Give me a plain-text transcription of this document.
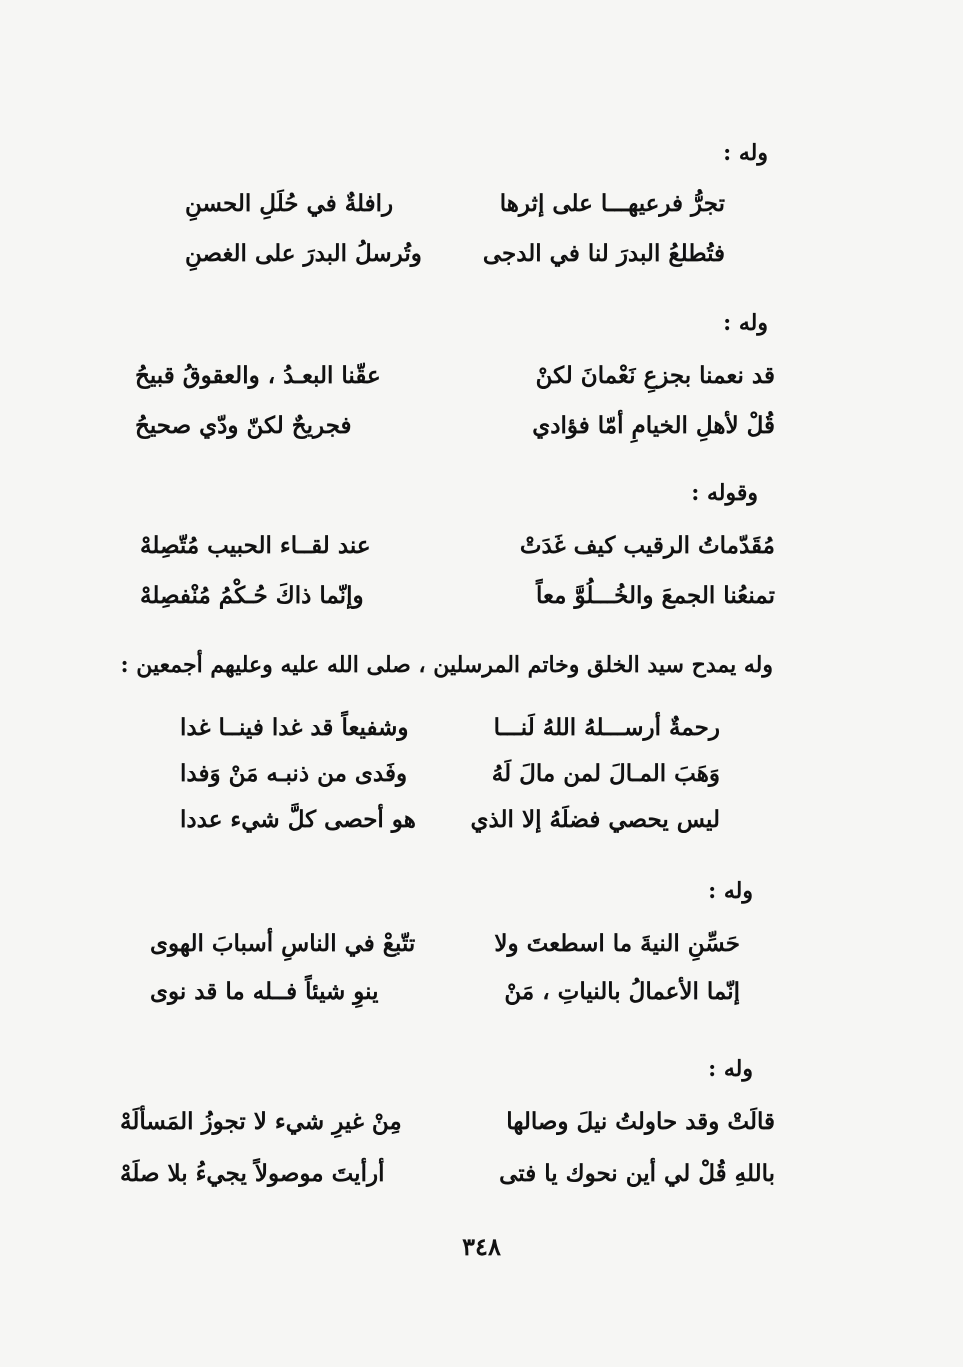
وله :
تجرُّ فرعيهـــا على إثرها
رافلةٌ في حُلَلِ الحسنِ
فتُطلعُ البدرَ لنا في الدجى
وتُرسلُ البدرَ على الغصنِ
وله :
قد نعمنا بجزعِ نَعْمانَ لكنْ
عقّنا البعـدُ ، والعقوقُ قبيحُ
قُلْ لأهلِ الخيامِ أمّا فؤادي
فجريحٌ لكنّ ودّي صحيحُ
وقوله :
مُقَدّماتُ الرقيب كيف غَدَتْ
عند لقــاء الحبيب مُتّصِلهْ
تمنعُنا الجمعَ والخُـــلُوَّ معاً
وإنّما ذاكَ حُـكْمُ مُنْفصِلهْ
وله يمدح سيد الخلق وخاتم المرسلين ، صلى الله عليه وعليهم أجمعين :
رحمةٌ أرســـلهُ اللهُ لَنـــا
وشفيعاً قد غدا فينــا غدا
وَهَبَ المـالَ لمن مالَ لَهُ
وفَدى من ذنبـه مَنْ وَفدا
ليس يحصي فضلَهُ إلا الذي
هو أحصى كلَّ شيء عددا
وله :
حَسِّنِ النيةَ ما اسطعتَ ولا
تتّبعْ في الناسِ أسبابَ الهوى
إنّما الأعمالُ بالنياتِ ، مَنْ
ينوِ شيئاً فــله ما قد نوى
وله :
قالَتْ وقد حاولتُ نيلَ وصالها
مِنْ غيرِ شيء لا تجوزُ المَسألَهْ
باللهِ قُلْ لي أين نحوك يا فتى
أرأيتَ موصولاً يجيءُ بلا صلَهْ
٣٤٨
